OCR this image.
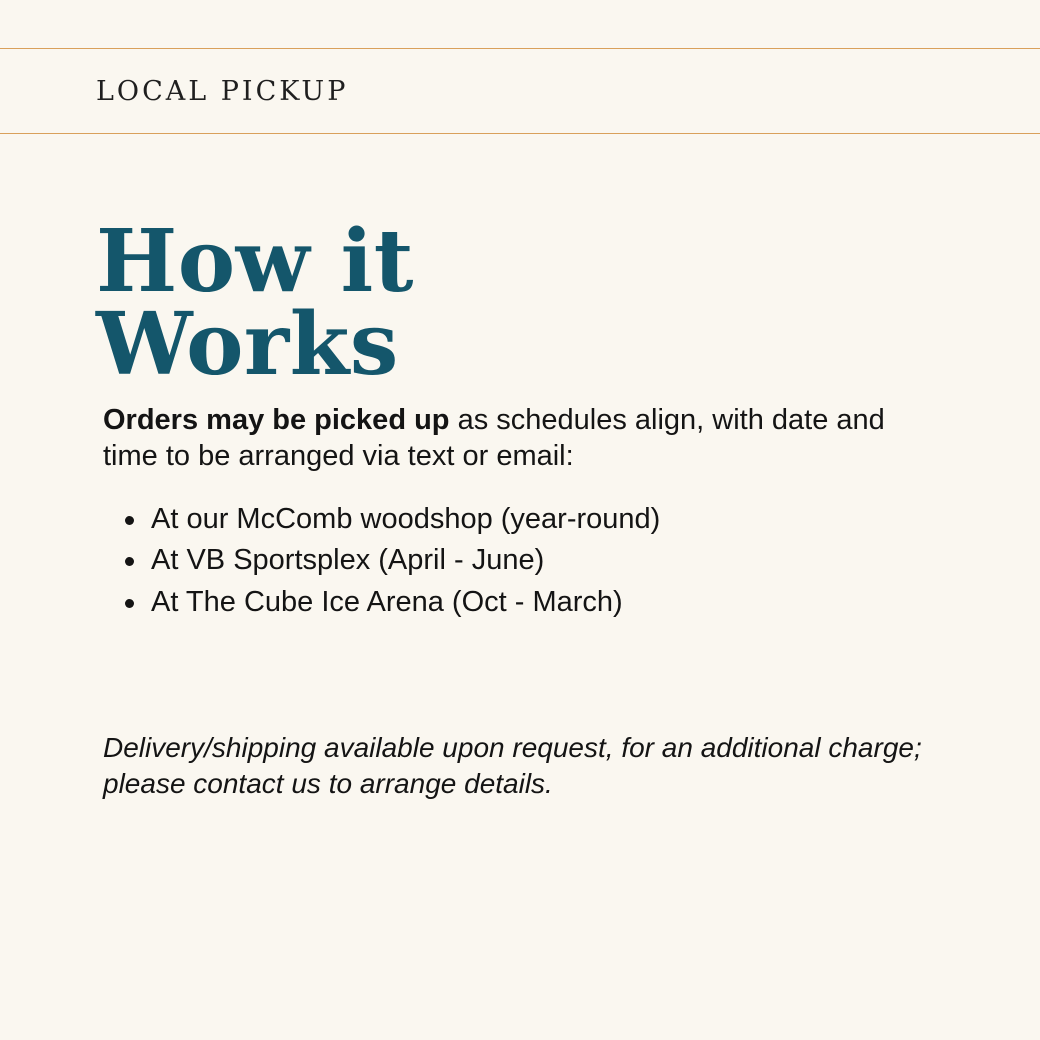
LOCAL PICKUP
How it
Works

Orders may be picked up as schedules align, with date and time to be arranged via text or email:

At our McComb woodshop (year-round)
At VB Sportsplex (April - June)
At The Cube Ice Arena (Oct - March)
Delivery/shipping available upon request, for an additional charge; please contact us to arrange details.
